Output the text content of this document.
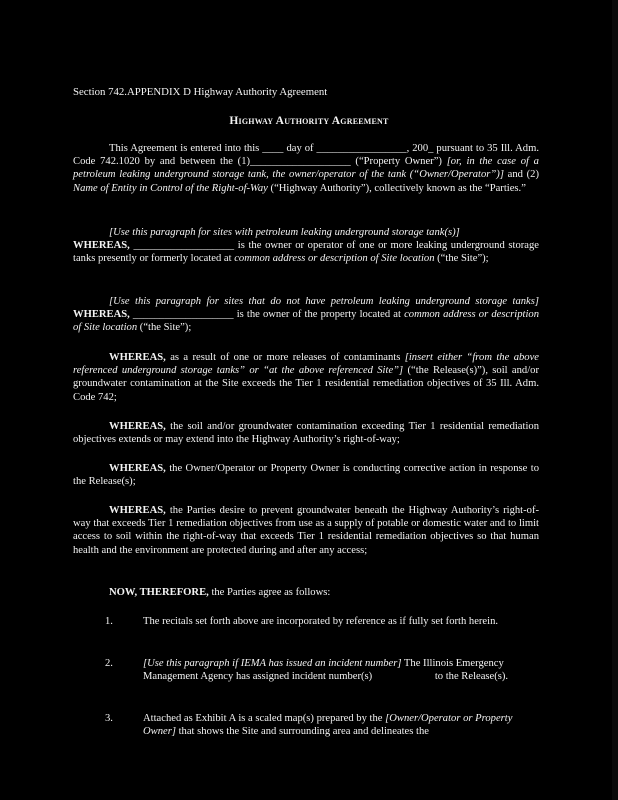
Section 742.APPENDIX D Highway Authority Agreement
Highway Authority Agreement
This Agreement is entered into this ____ day of _________________, 200_ pursuant to 35 Ill. Adm. Code 742.1020 by and between the (1)___________________ (“Property Owner”) [or, in the case of a petroleum leaking underground storage tank, the owner/operator of the tank (“Owner/Operator”)] and (2) Name of Entity in Control of the Right-of-Way (“Highway Authority”), collectively known as the “Parties.”
[Use this paragraph for sites with petroleum leaking underground storage tank(s)]
WHEREAS, ___________________ is the owner or operator of one or more leaking underground storage tanks presently or formerly located at common address or description of Site location (“the Site”);
[Use this paragraph for sites that do not have petroleum leaking underground storage tanks] WHEREAS, ___________________ is the owner of the property located at common address or description of Site location (“the Site”);
WHEREAS, as a result of one or more releases of contaminants [insert either “from the above referenced underground storage tanks” or “at the above referenced Site”] (“the Release(s)”), soil and/or groundwater contamination at the Site exceeds the Tier 1 residential remediation objectives of 35 Ill. Adm. Code 742;
WHEREAS, the soil and/or groundwater contamination exceeding Tier 1 residential remediation objectives extends or may extend into the Highway Authority’s right-of-way;
WHEREAS, the Owner/Operator or Property Owner is conducting corrective action in response to the Release(s);
WHEREAS, the Parties desire to prevent groundwater beneath the Highway Authority’s right-of-way that exceeds Tier 1 remediation objectives from use as a supply of potable or domestic water and to limit access to soil within the right-of-way that exceeds Tier 1 residential remediation objectives so that human health and the environment are protected during and after any access;
NOW, THEREFORE, the Parties agree as follows:
1.	The recitals set forth above are incorporated by reference as if fully set forth herein.
2.	[Use this paragraph if IEMA has issued an incident number] The Illinois Emergency Management Agency has assigned incident number(s)	to the Release(s).
3.	Attached as Exhibit A is a scaled map(s) prepared by the [Owner/Operator or Property Owner] that shows the Site and surrounding area and delineates the
